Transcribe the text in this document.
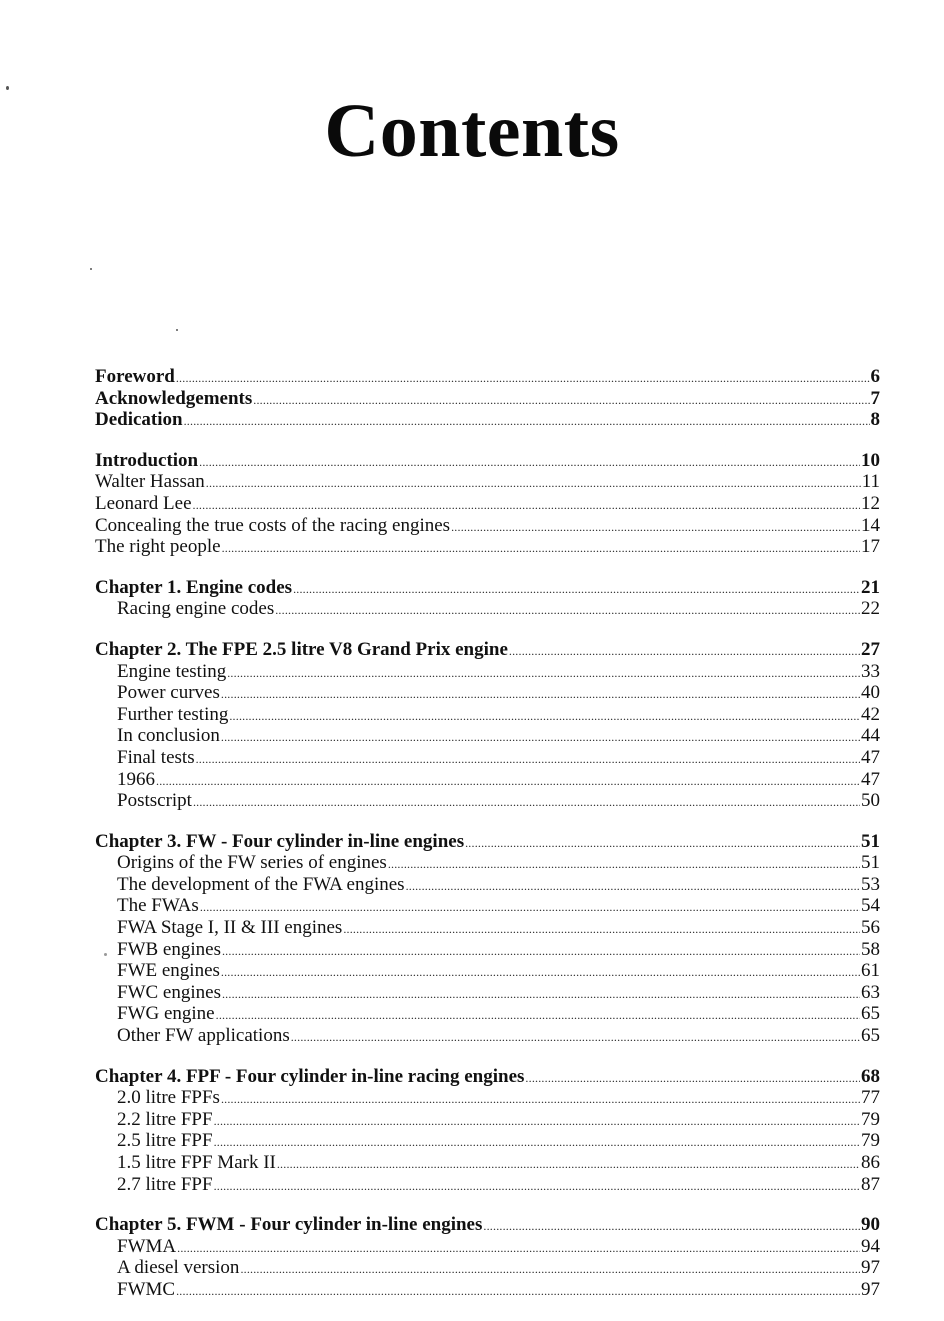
Contents
Foreword .....	6
Acknowledgements .....	7
Dedication .....	8
Introduction .....	10
Walter Hassan .....	11
Leonard Lee .....	12
Concealing the true costs of the racing engines .....	14
The right people .....	17
Chapter 1. Engine codes .....	21
Racing engine codes .....	22
Chapter 2. The FPE 2.5 litre V8 Grand Prix engine .....	27
Engine testing .....	33
Power curves .....	40
Further testing .....	42
In conclusion .....	44
Final tests .....	47
1966 .....	47
Postscript .....	50
Chapter 3. FW - Four cylinder in-line engines .....	51
Origins of the FW series of engines .....	51
The development of the FWA engines .....	53
The FWAs .....	54
FWA Stage I, II & III engines .....	56
FWB engines .....	58
FWE engines .....	61
FWC engines .....	63
FWG engine .....	65
Other FW applications .....	65
Chapter 4. FPF - Four cylinder in-line racing engines .....	68
2.0 litre FPFs .....	77
2.2 litre FPF .....	79
2.5 litre FPF .....	79
1.5 litre FPF Mark II .....	86
2.7 litre FPF .....	87
Chapter 5. FWM - Four cylinder in-line engines .....	90
FWMA .....	94
A diesel version .....	97
FWMC .....	97
